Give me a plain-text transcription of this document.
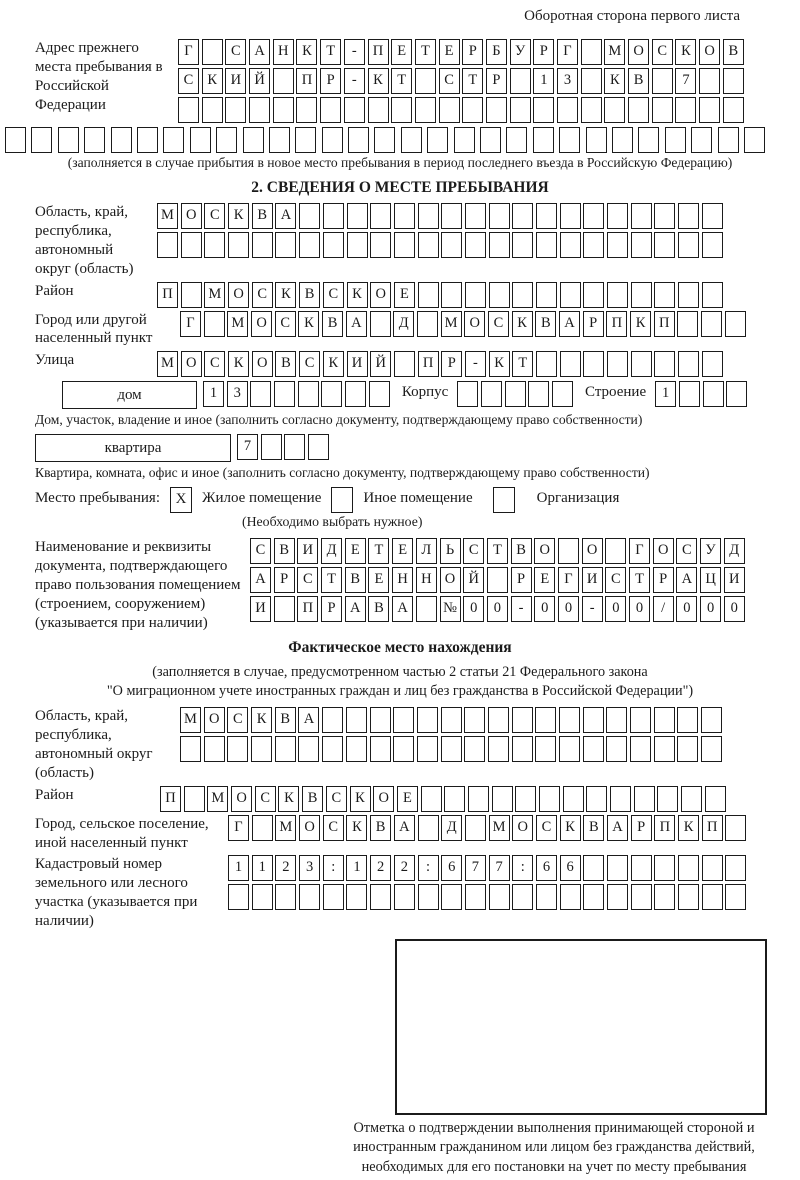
Оборотная сторона первого листа
Адрес прежнего места пребывания в Российской Федерации
Г	С А Н К Т	-	П Е	Т	Е	Р	Б У	Р	Г	М О С К О В
С К И Й	П Р	-	К Т	С Т	Р	1	3	К В	7
(заполняется в случае прибытия в новое место пребывания в период последнего въезда в Российскую Федерацию)
2. СВЕДЕНИЯ О МЕСТЕ ПРЕБЫВАНИЯ
Область, край, республика, автономный округ (область)
М О С К В А
Район	П	М О С К В С К О Е
Город или другой населенный пункт
Г	М О С К В А	Д	М О С К В А Р П К П
Улица	М О С К О В С К И Й	П Р	-	К Т
дом	1	3	Корпус	Строение	1
Дом, участок, владение и иное (заполнить согласно документу, подтверждающему право собственности)
квартира	7
Квартира, комната, офис и иное (заполнить согласно документу, подтверждающему право собственности)
Место пребывания:	X	Жилое помещение	Иное помещение	Организация
(Необходимо выбрать нужное)
Наименование и реквизиты документа, подтверждающего право пользования помещением (строением, сооружением) (указывается при наличии)
С В И Д Е	Т	Е Л	Ь	С Т В О	О	Г О С У Д
А Р	С Т В Е Н Н О Й	Р	Е	Г И С Т	Р А Ц И
И	П Р А В А	№ 0	0	-	0	0	-	0	0	/	0	0	0
Фактическое место нахождения
(заполняется в случае, предусмотренном частью 2 статьи 21 Федерального закона
"О миграционном учете иностранных граждан и лиц без гражданства в Российской Федерации")
Область, край, республика, автономный округ (область)
М О С К В А
Район	П	М О С К В С К О Е
Город, сельское поселение, иной населенный пункт
Г	М О С К В А	Д	М О С К В А Р П К П
Кадастровый номер земельного или лесного участка (указывается при наличии)
1	1	2	3	:	1	2	2	:	6	7	7	:	6	6
Отметка о подтверждении выполнения принимающей стороной и иностранным гражданином или лицом без гражданства действий, необходимых для его постановки на учет по месту пребывания
